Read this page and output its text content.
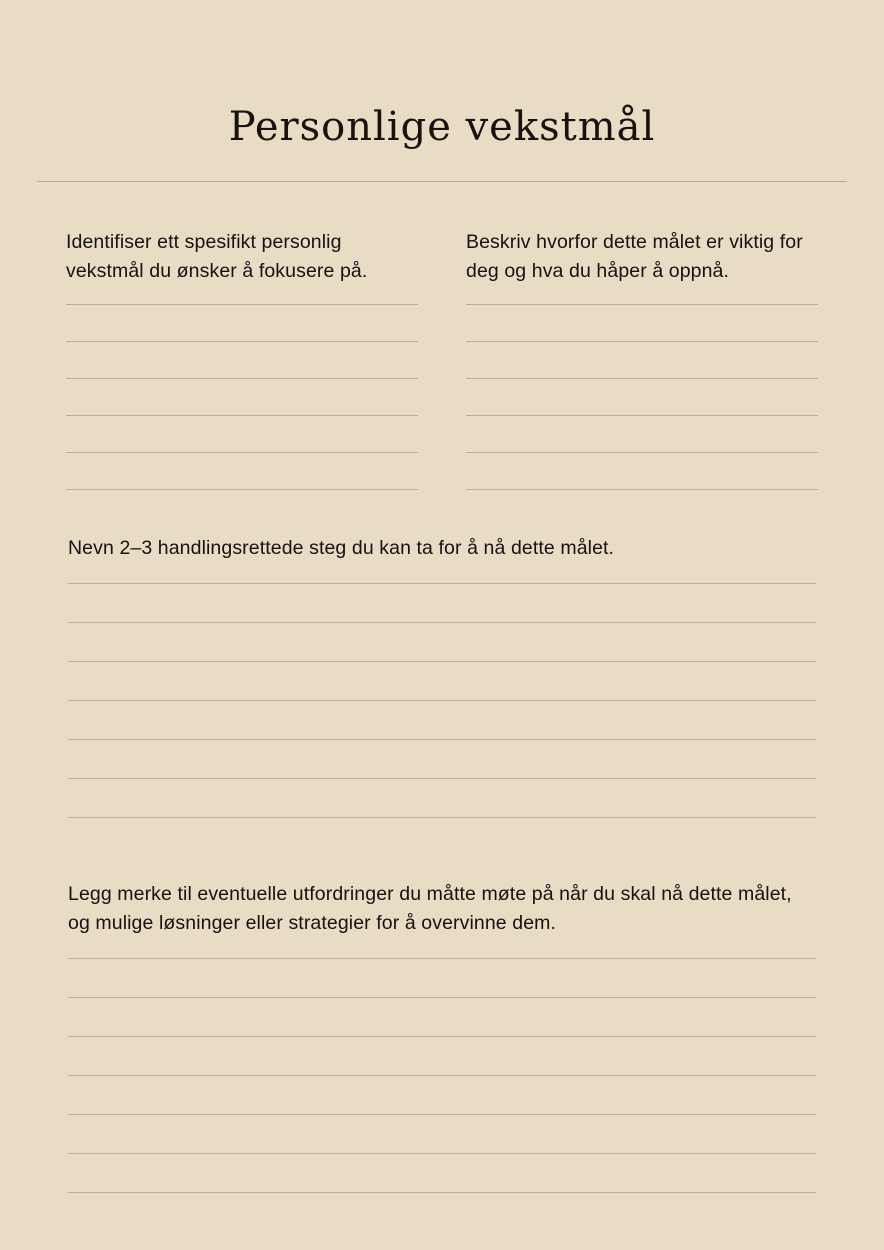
Personlige vekstmål

Identifiser ett spesifikt personlig vekstmål du ønsker å fokusere på.

Beskriv hvorfor dette målet er viktig for deg og hva du håper å oppnå.

Nevn 2–3 handlingsrettede steg du kan ta for å nå dette målet.

Legg merke til eventuelle utfordringer du måtte møte på når du skal nå dette målet, og mulige løsninger eller strategier for å overvinne dem.
